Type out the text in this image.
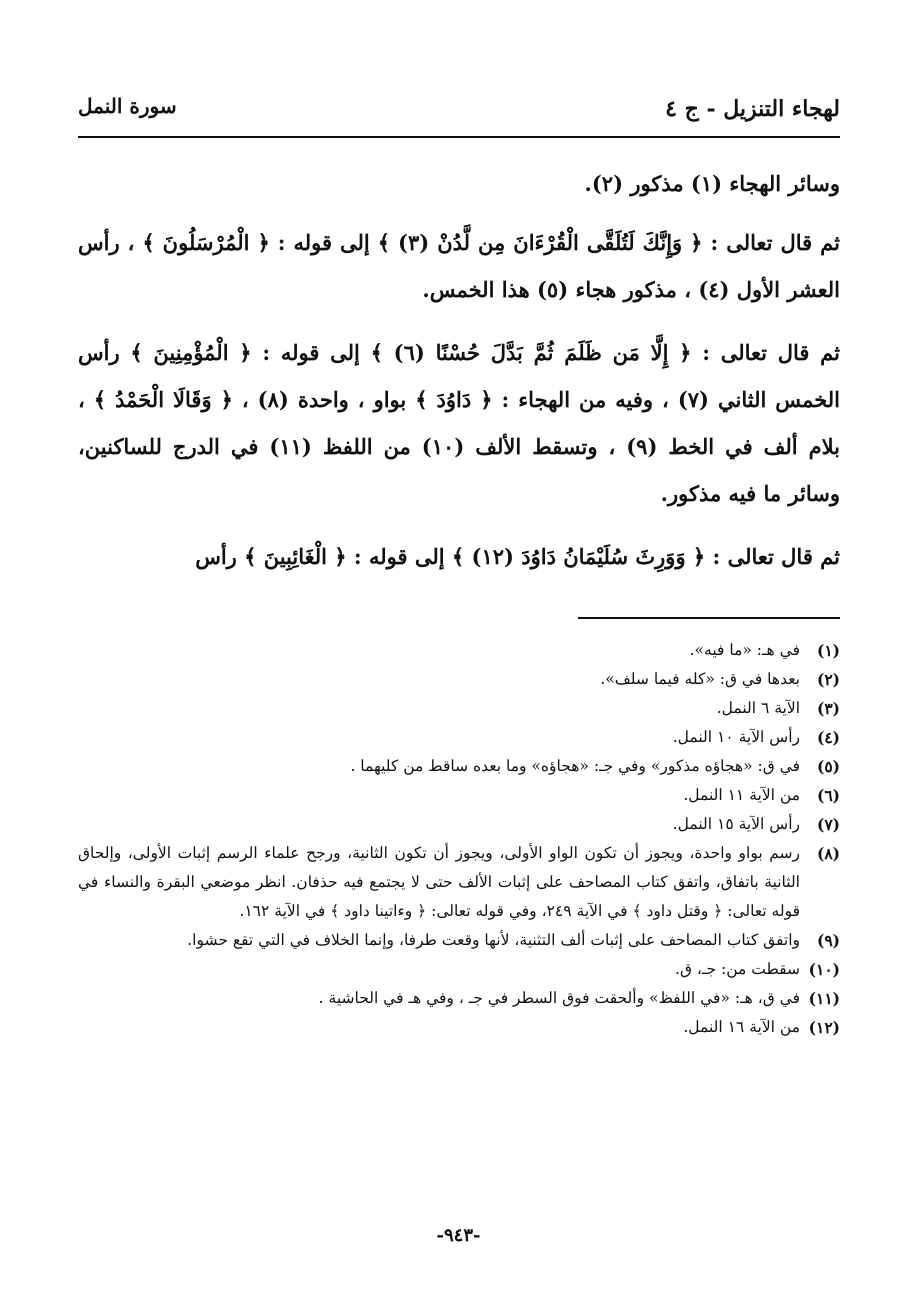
لهجاء التنزيل - ج ٤
سورة النمل

وسائر الهجاء (١) مذكور (٢).

ثم قال تعالى : ﴿ وَإِنَّكَ لَتُلَقَّى الْقُرْءَانَ مِن لَّدُنْ (٣) ﴾ إلى قوله : ﴿ الْمُرْسَلُونَ ﴾ ، رأس العشر الأول (٤) ، مذكور هجاء (٥) هذا الخمس.

ثم قال تعالى : ﴿ إِلَّا مَن ظَلَمَ ثُمَّ بَدَّلَ حُسْنًا (٦) ﴾ إلى قوله : ﴿ الْمُؤْمِنِينَ ﴾ رأس الخمس الثاني (٧) ، وفيه من الهجاء : ﴿ دَاوُدَ ﴾ بواو ، واحدة (٨) ، ﴿ وَقَالَا الْحَمْدُ ﴾ ، بلام ألف في الخط (٩) ، وتسقط الألف (١٠) من اللفظ (١١) في الدرج للساكنين، وسائر ما فيه مذكور.

ثم قال تعالى : ﴿ وَوَرِثَ سُلَيْمَانُ دَاوُدَ (١٢) ﴾ إلى قوله : ﴿ الْغَائِبِينَ ﴾ رأس

(١)
في هـ: «ما فيه».

(٢)
بعدها في ق: «كله فيما سلف».

(٣)
الآية ٦ النمل.

(٤)
رأس الآية ١٠ النمل.

(٥)
في ق: «هجاؤه مذكور» وفي جـ: «هجاؤه» وما بعده ساقط من كليهما .

(٦)
من الآية ١١ النمل.

(٧)
رأس الآية ١٥ النمل.

(٨)
رسم بواو واحدة، ويجوز أن تكون الواو الأولى، ويجوز أن تكون الثانية، ورجح علماء الرسم إثبات الأولى، وإلحاق الثانية باتفاق، واتفق كتاب المصاحف على إثبات الألف حتى لا يجتمع فيه حذفان. انظر موضعي البقرة والنساء في قوله تعالى: ﴿ وقتل داود ﴾ في الآية ٢٤٩، وفي قوله تعالى: ﴿ وءاتينا داود ﴾ في الآية ١٦٢.

(٩)
واتفق كتاب المصاحف على إثبات ألف التثنية، لأنها وقعت طرفا، وإنما الخلاف في التي تقع حشوا.

(١٠)
سقطت من: جـ، ق.

(١١)
في ق، هـ: «في اللفظ» وألحقت فوق السطر في جـ ، وفي هـ في الحاشية .

(١٢)
من الآية ١٦ النمل.

-٩٤٣-
